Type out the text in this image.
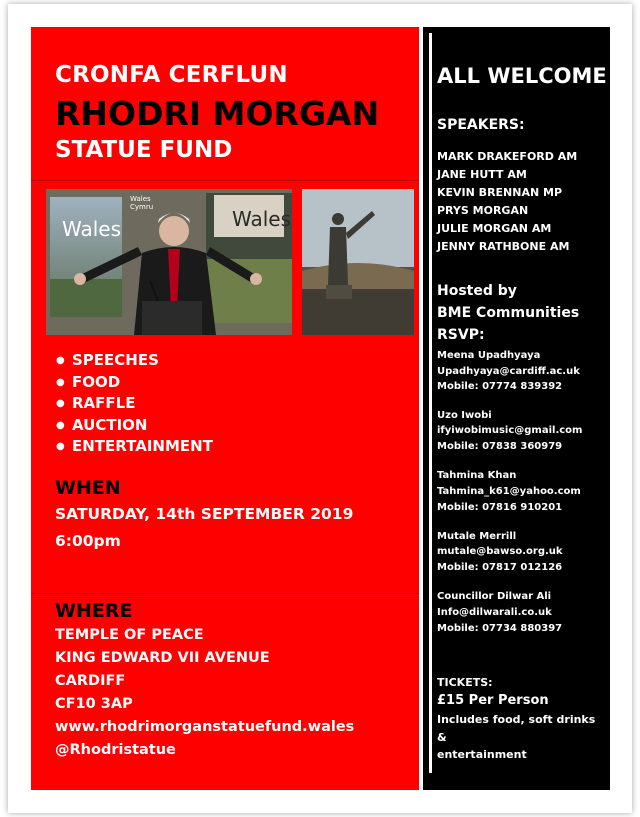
CRONFA CERFLUN
RHODRI MORGAN
STATUE FUND
Wales	Wales
Wales Cymru
● SPEECHES
● FOOD
● RAFFLE
● AUCTION
● ENTERTAINMENT
WHEN
SATURDAY, 14th SEPTEMBER 2019
6:00pm
WHERE
TEMPLE OF PEACE
KING EDWARD VII AVENUE
CARDIFF
CF10 3AP
www.rhodrimorganstatuefund.wales
@Rhodristatue
ALL WELCOME
SPEAKERS:
MARK DRAKEFORD AM
JANE HUTT AM
KEVIN BRENNAN MP
PRYS MORGAN
JULIE MORGAN AM
JENNY RATHBONE AM
Hosted by
BME Communities
RSVP:
Meena Upadhyaya
Upadhyaya@cardiff.ac.uk
Mobile: 07774 839392
Uzo Iwobi
ifyiwobimusic@gmail.com
Mobile: 07838 360979
Tahmina Khan
Tahmina_k61@yahoo.com
Mobile: 07816 910201
Mutale Merrill
mutale@bawso.org.uk
Mobile: 07817 012126
Councillor Dilwar Ali
Info@dilwarali.co.uk
Mobile: 07734 880397
TICKETS:
£15 Per Person
Includes food, soft drinks
&
entertainment
